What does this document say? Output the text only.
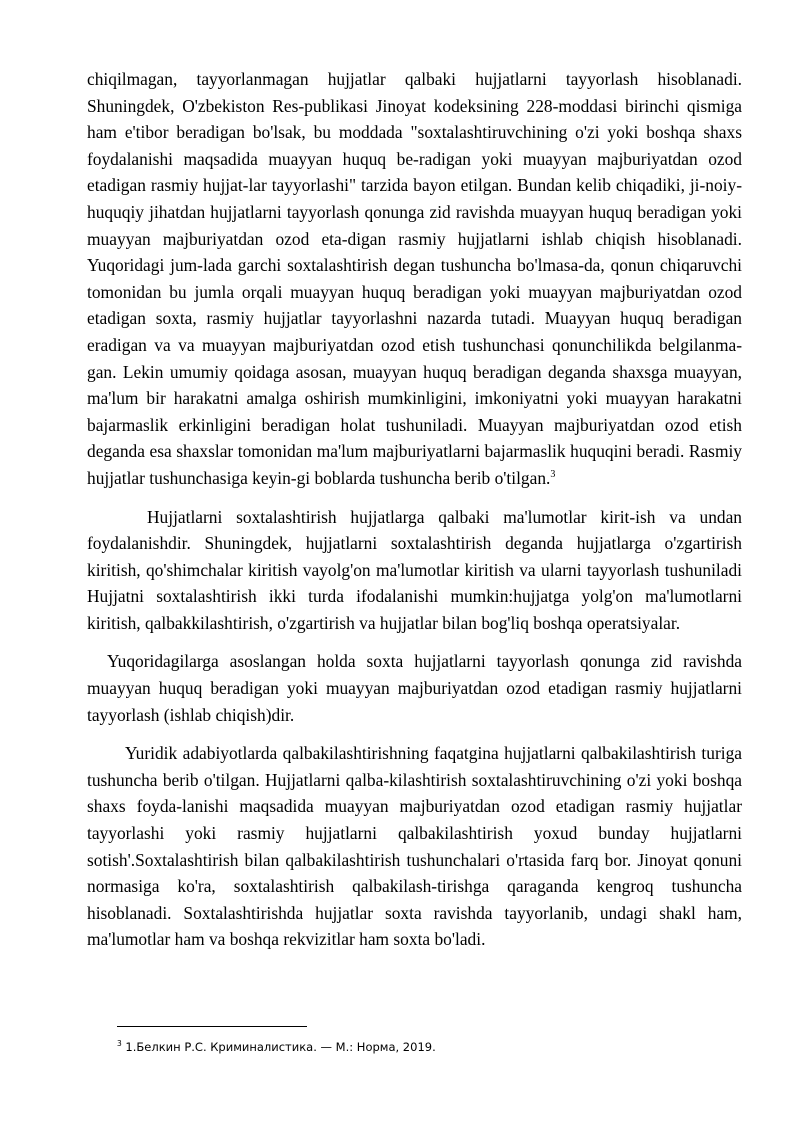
chiqilmagan, tayyorlanmagan hujjatlar qalbaki hujjatlarni tayyorlash hisoblanadi. Shuningdek, O'zbekiston Res-publikasi Jinoyat kodeksining 228-moddasi birinchi qismiga ham e'tibor beradigan bo'lsak, bu moddada "soxtalashtiruvchining o'zi yoki boshqa shaxs foydalanishi maqsadida muayyan huquq be-radigan yoki muayyan majburiyatdan ozod etadigan rasmiy hujjat-lar tayyorlashi" tarzida bayon etilgan. Bundan kelib chiqadiki, ji-noiy-huquqiy jihatdan hujjatlarni tayyorlash qonunga zid ravishda muayyan huquq beradigan yoki muayyan majburiyatdan ozod eta-digan rasmiy hujjatlarni ishlab chiqish hisoblanadi. Yuqoridagi jum-lada garchi soxtalashtirish degan tushuncha bo'lmasa-da, qonun chiqaruvchi tomonidan bu jumla orqali muayyan huquq beradigan yoki muayyan majburiyatdan ozod etadigan soxta, rasmiy hujjatlar tayyorlashni nazarda tutadi. Muayyan huquq beradigan eradigan va va muayyan majburiyatdan ozod etish tushunchasi qonunchilikda belgilanma-gan. Lekin umumiy qoidaga asosan, muayyan huquq beradigan deganda shaxsga muayyan, ma'lum bir harakatni amalga oshirish mumkinligini, imkoniyatni yoki muayyan harakatni bajarmaslik erkinligini beradigan holat tushuniladi. Muayyan majburiyatdan ozod etish deganda esa shaxslar tomonidan ma'lum majburiyatlarni bajarmaslik huquqini beradi. Rasmiy hujjatlar tushunchasiga keyin-gi boblarda tushuncha berib o'tilgan.$^3$

Hujjatlarni soxtalashtirish hujjatlarga qalbaki ma'lumotlar kirit-ish va undan foydalanishdir. Shuningdek, hujjatlarni soxtalashtirish deganda hujjatlarga o'zgartirish kiritish, qo'shimchalar kiritish vayolg'on ma'lumotlar kiritish va ularni tayyorlash tushuniladi Hujjatni soxtalashtirish ikki turda ifodalanishi mumkin:hujjatga yolg'on ma'lumotlarni kiritish, qalbakkilashtirish, o'zgartirish va hujjatlar bilan bog'liq boshqa operatsiyalar.

Yuqoridagilarga asoslangan holda soxta hujjatlarni tayyorlash qonunga zid ravishda muayyan huquq beradigan yoki muayyan majburiyatdan ozod etadigan rasmiy hujjatlarni tayyorlash (ishlab chiqish)dir.

Yuridik adabiyotlarda qalbakilashtirishning faqatgina hujjatlarni qalbakilashtirish turiga tushuncha berib o'tilgan. Hujjatlarni qalba-kilashtirish soxtalashtiruvchining o'zi yoki boshqa shaxs foyda-lanishi maqsadida muayyan majburiyatdan ozod etadigan rasmiy hujjatlar tayyorlashi yoki rasmiy hujjatlarni qalbakilashtirish yoxud bunday hujjatlarni sotish'.Soxtalashtirish bilan qalbakilashtirish tushunchalari o'rtasida farq bor. Jinoyat qonuni normasiga ko'ra, soxtalashtirish qalbakilash-tirishga qaraganda kengroq tushuncha hisoblanadi. Soxtalashtirishda hujjatlar soxta ravishda tayyorlanib, undagi shakl ham, ma'lumotlar ham va boshqa rekvizitlar ham soxta bo'ladi.

$^3$ 1.Белкин Р.С. Криминалистика. — М.: Норма, 2019.
